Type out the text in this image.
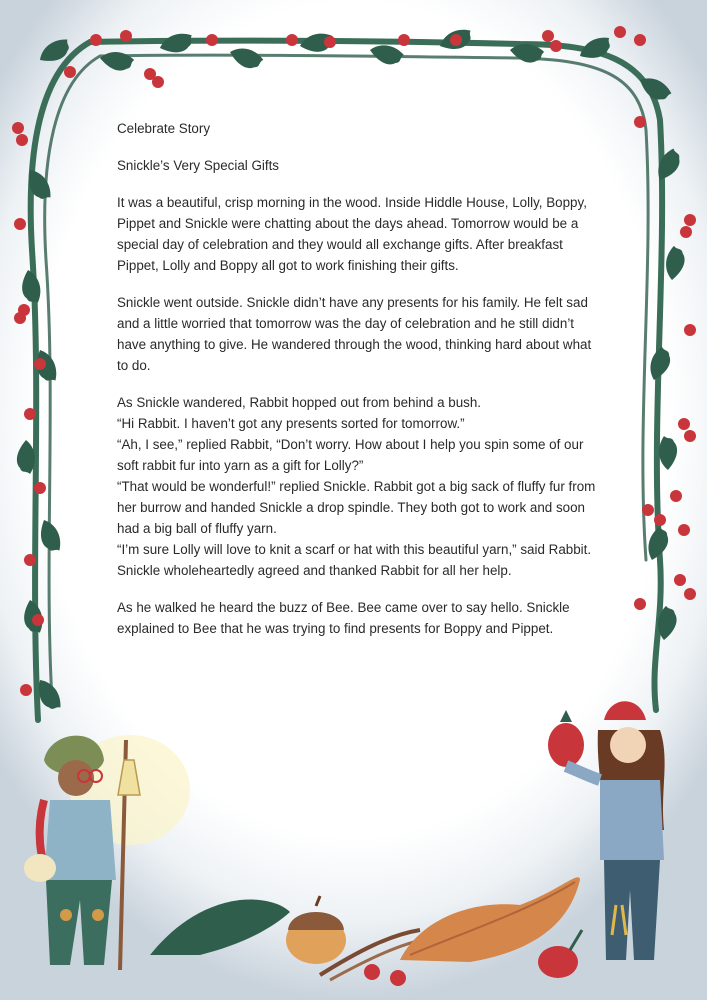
Celebrate Story

Snickle’s Very Special Gifts

It was a beautiful, crisp morning in the wood. Inside Hiddle House, Lolly, Boppy, Pippet and Snickle were chatting about the days ahead. Tomorrow would be a special day of celebration and they would all exchange gifts. After breakfast Pippet, Lolly and Boppy all got to work finishing their gifts.

Snickle went outside. Snickle didn’t have any presents for his family. He felt sad and a little worried that tomorrow was the day of celebration and he still didn’t have anything to give. He wandered through the wood, thinking hard about what to do.

As Snickle wandered, Rabbit hopped out from behind a bush.

“Hi Rabbit. I haven’t got any presents sorted for tomorrow.”

“Ah, I see,” replied Rabbit, “Don’t worry. How about I help you spin some of our soft rabbit fur into yarn as a gift for Lolly?”

“That would be wonderful!” replied Snickle. Rabbit got a big sack of fluffy fur from her burrow and handed Snickle a drop spindle. They both got to work and soon had a big ball of fluffy yarn.

“I’m sure Lolly will love to knit a scarf or hat with this beautiful yarn,” said Rabbit. Snickle wholeheartedly agreed and thanked Rabbit for all her help.

As he walked he heard the buzz of Bee. Bee came over to say hello. Snickle explained to Bee that he was trying to find presents for Boppy and Pippet.
